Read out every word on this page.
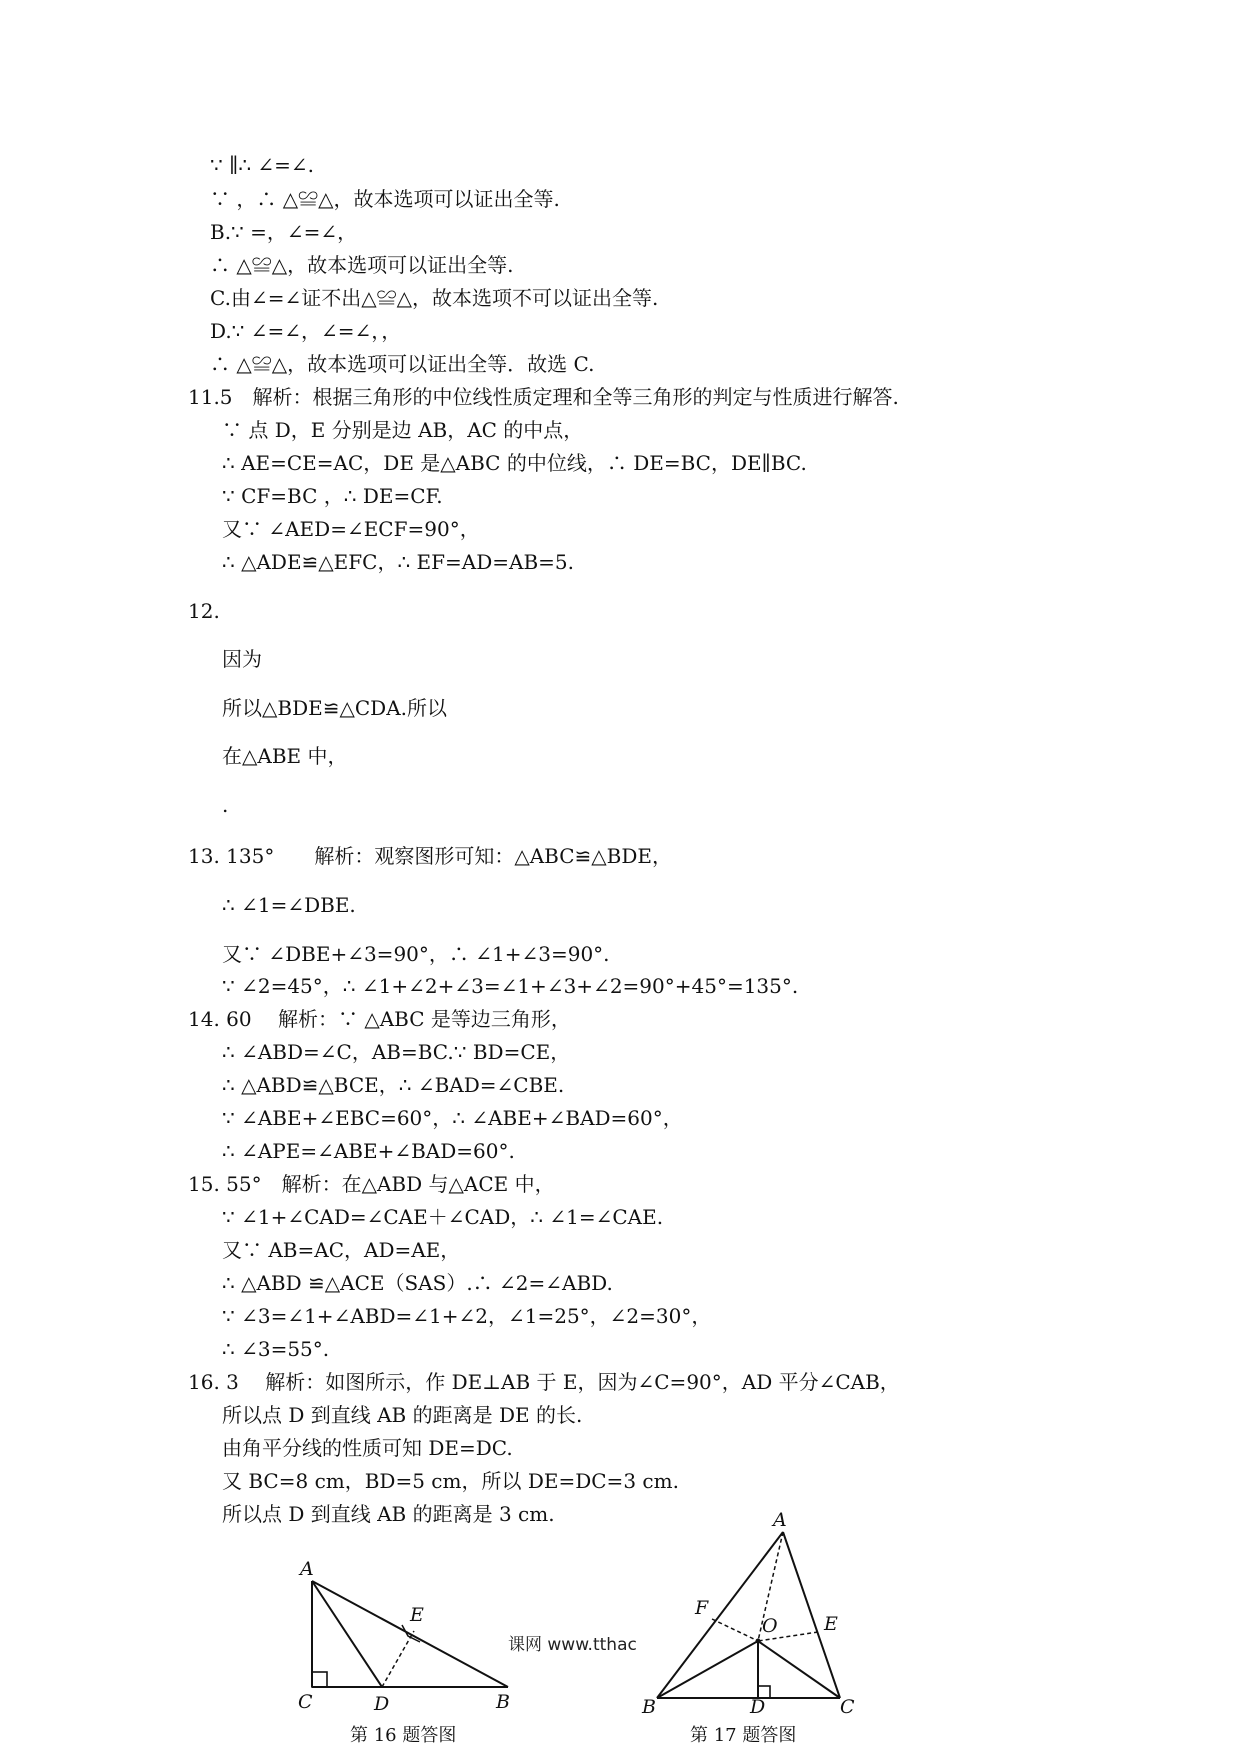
∵ ∥∴ ∠=∠.
∵ ，∴ △≌△，故本选项可以证出全等.
B.∵ =，∠=∠，
∴ △≌△，故本选项可以证出全等.
C.由∠=∠证不出△≌△，故本选项不可以证出全等.
D.∵ ∠=∠，∠=∠，，
∴ △≌△，故本选项可以证出全等．故选 C.
11.5　解析：根据三角形的中位线性质定理和全等三角形的判定与性质进行解答.
∵ 点 D，E 分别是边 AB，AC 的中点，
∴ AE=CE=AC，DE 是△ABC 的中位线，∴ DE=BC，DE∥BC.
∵ CF=BC ，∴ DE=CF.
又∵ ∠AED=∠ECF=90°，
∴ △ADE≌△EFC，∴ EF=AD=AB=5.
12.
因为
所以△BDE≌△CDA.所以
在△ABE 中，
.
13. 135°　　解析：观察图形可知：△ABC≌△BDE，
∴ ∠1=∠DBE.
又∵ ∠DBE+∠3=90°，∴ ∠1+∠3=90°.
∵ ∠2=45°，∴ ∠1+∠2+∠3=∠1+∠3+∠2=90°+45°=135°.
14. 60　 解析：∵ △ABC 是等边三角形，
∴ ∠ABD=∠C，AB=BC.∵ BD=CE，
∴ △ABD≌△BCE，∴ ∠BAD=∠CBE.
∵ ∠ABE+∠EBC=60°，∴ ∠ABE+∠BAD=60°，
∴ ∠APE=∠ABE+∠BAD=60°.
15. 55°　解析：在△ABD 与△ACE 中，
∵ ∠1+∠CAD=∠CAE＋∠CAD，∴ ∠1=∠CAE.
又∵ AB=AC，AD=AE，
∴ △ABD ≌△ACE（SAS）.∴ ∠2=∠ABD.
∵ ∠3=∠1+∠ABD=∠1+∠2，∠1=25°，∠2=30°，
∴ ∠3=55°.
16. 3　 解析：如图所示，作 DE⊥AB 于 E，因为∠C=90°，AD 平分∠CAB，
所以点 D 到直线 AB 的距离是 DE 的长.
由角平分线的性质可知 DE=DC.
又 BC=8 cm，BD=5 cm，所以 DE=DC=3 cm.
所以点 D 到直线 AB 的距离是 3 cm.
A
C	D	B
E
第 16 题答图
课网 www.tthac
A
F
O E
B	D	C
第 17 题答图
